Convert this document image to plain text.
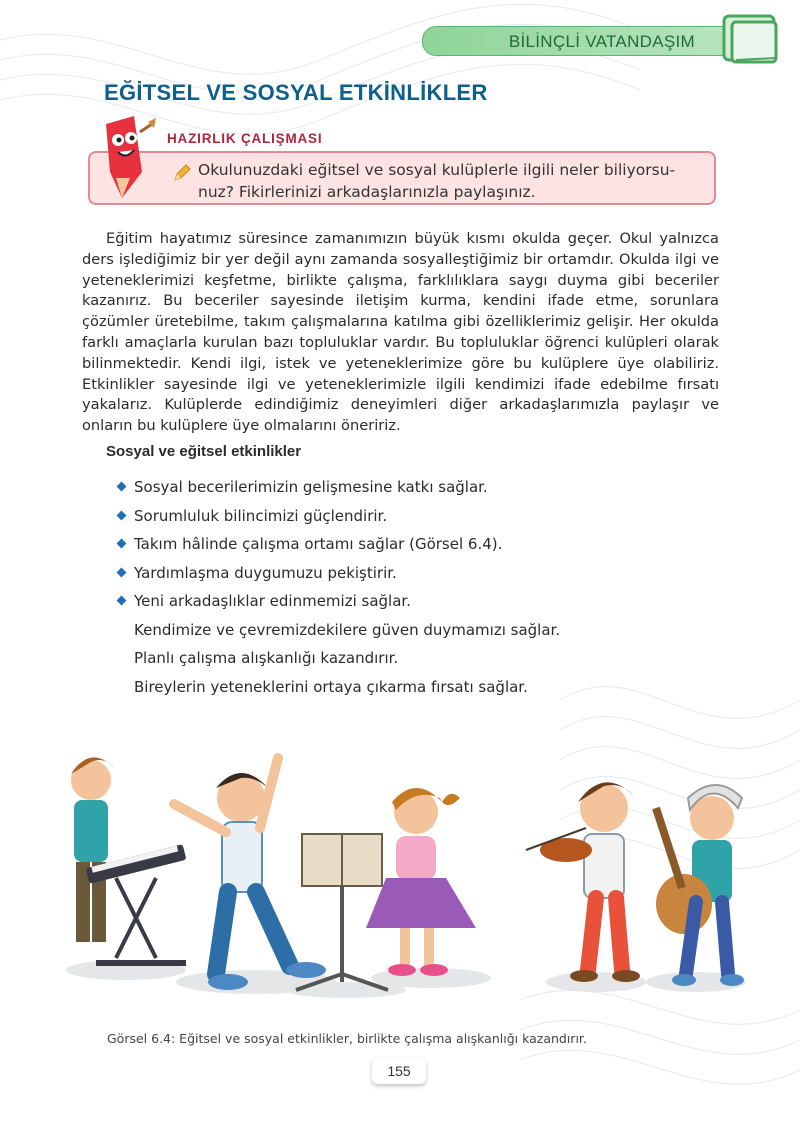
BİLİNÇLİ VATANDAŞIM
EĞİTSEL VE SOSYAL ETKİNLİKLER
HAZIRLIK ÇALIŞMASI
Okulunuzdaki eğitsel ve sosyal kulüplerle ilgili neler biliyorsu-nuz? Fikirlerinizi arkadaşlarınızla paylaşınız.
Eğitim hayatımız süresince zamanımızın büyük kısmı okulda geçer. Okul yalnızca ders işlediğimiz bir yer değil aynı zamanda sosyalleştiğimiz bir ortamdır. Okulda ilgi ve yeteneklerimizi keşfetme, birlikte çalışma, farklılıklara saygı duyma gibi beceriler kazanırız. Bu beceriler sayesinde iletişim kurma, kendini ifade etme, sorunlara çözümler üretebilme, takım çalışmalarına katılma gibi özelliklerimiz gelişir. Her okulda farklı amaçlarla kurulan bazı topluluklar vardır. Bu topluluklar öğrenci kulüpleri olarak bilinmektedir. Kendi ilgi, istek ve yeteneklerimize göre bu kulüplere üye olabiliriz. Etkinlikler sayesinde ilgi ve yeteneklerimizle ilgili kendimizi ifade edebilme fırsatı yakalarız. Kulüplerde edindiğimiz deneyimleri diğer arkadaşlarımızla paylaşır ve onların bu kulüplere üye olmalarını öneririz.
Sosyal ve eğitsel etkinlikler
Sosyal becerilerimizin gelişmesine katkı sağlar.
Sorumluluk bilincimizi güçlendirir.
Takım hâlinde çalışma ortamı sağlar (Görsel 6.4).
Yardımlaşma duygumuzu pekiştirir.
Yeni arkadaşlıklar edinmemizi sağlar.
Kendimize ve çevremizdekilere güven duymamızı sağlar.
Planlı çalışma alışkanlığı kazandırır.
Bireylerin yeteneklerini ortaya çıkarma fırsatı sağlar.
Görsel 6.4: Eğitsel ve sosyal etkinlikler, birlikte çalışma alışkanlığı kazandırır.
155
